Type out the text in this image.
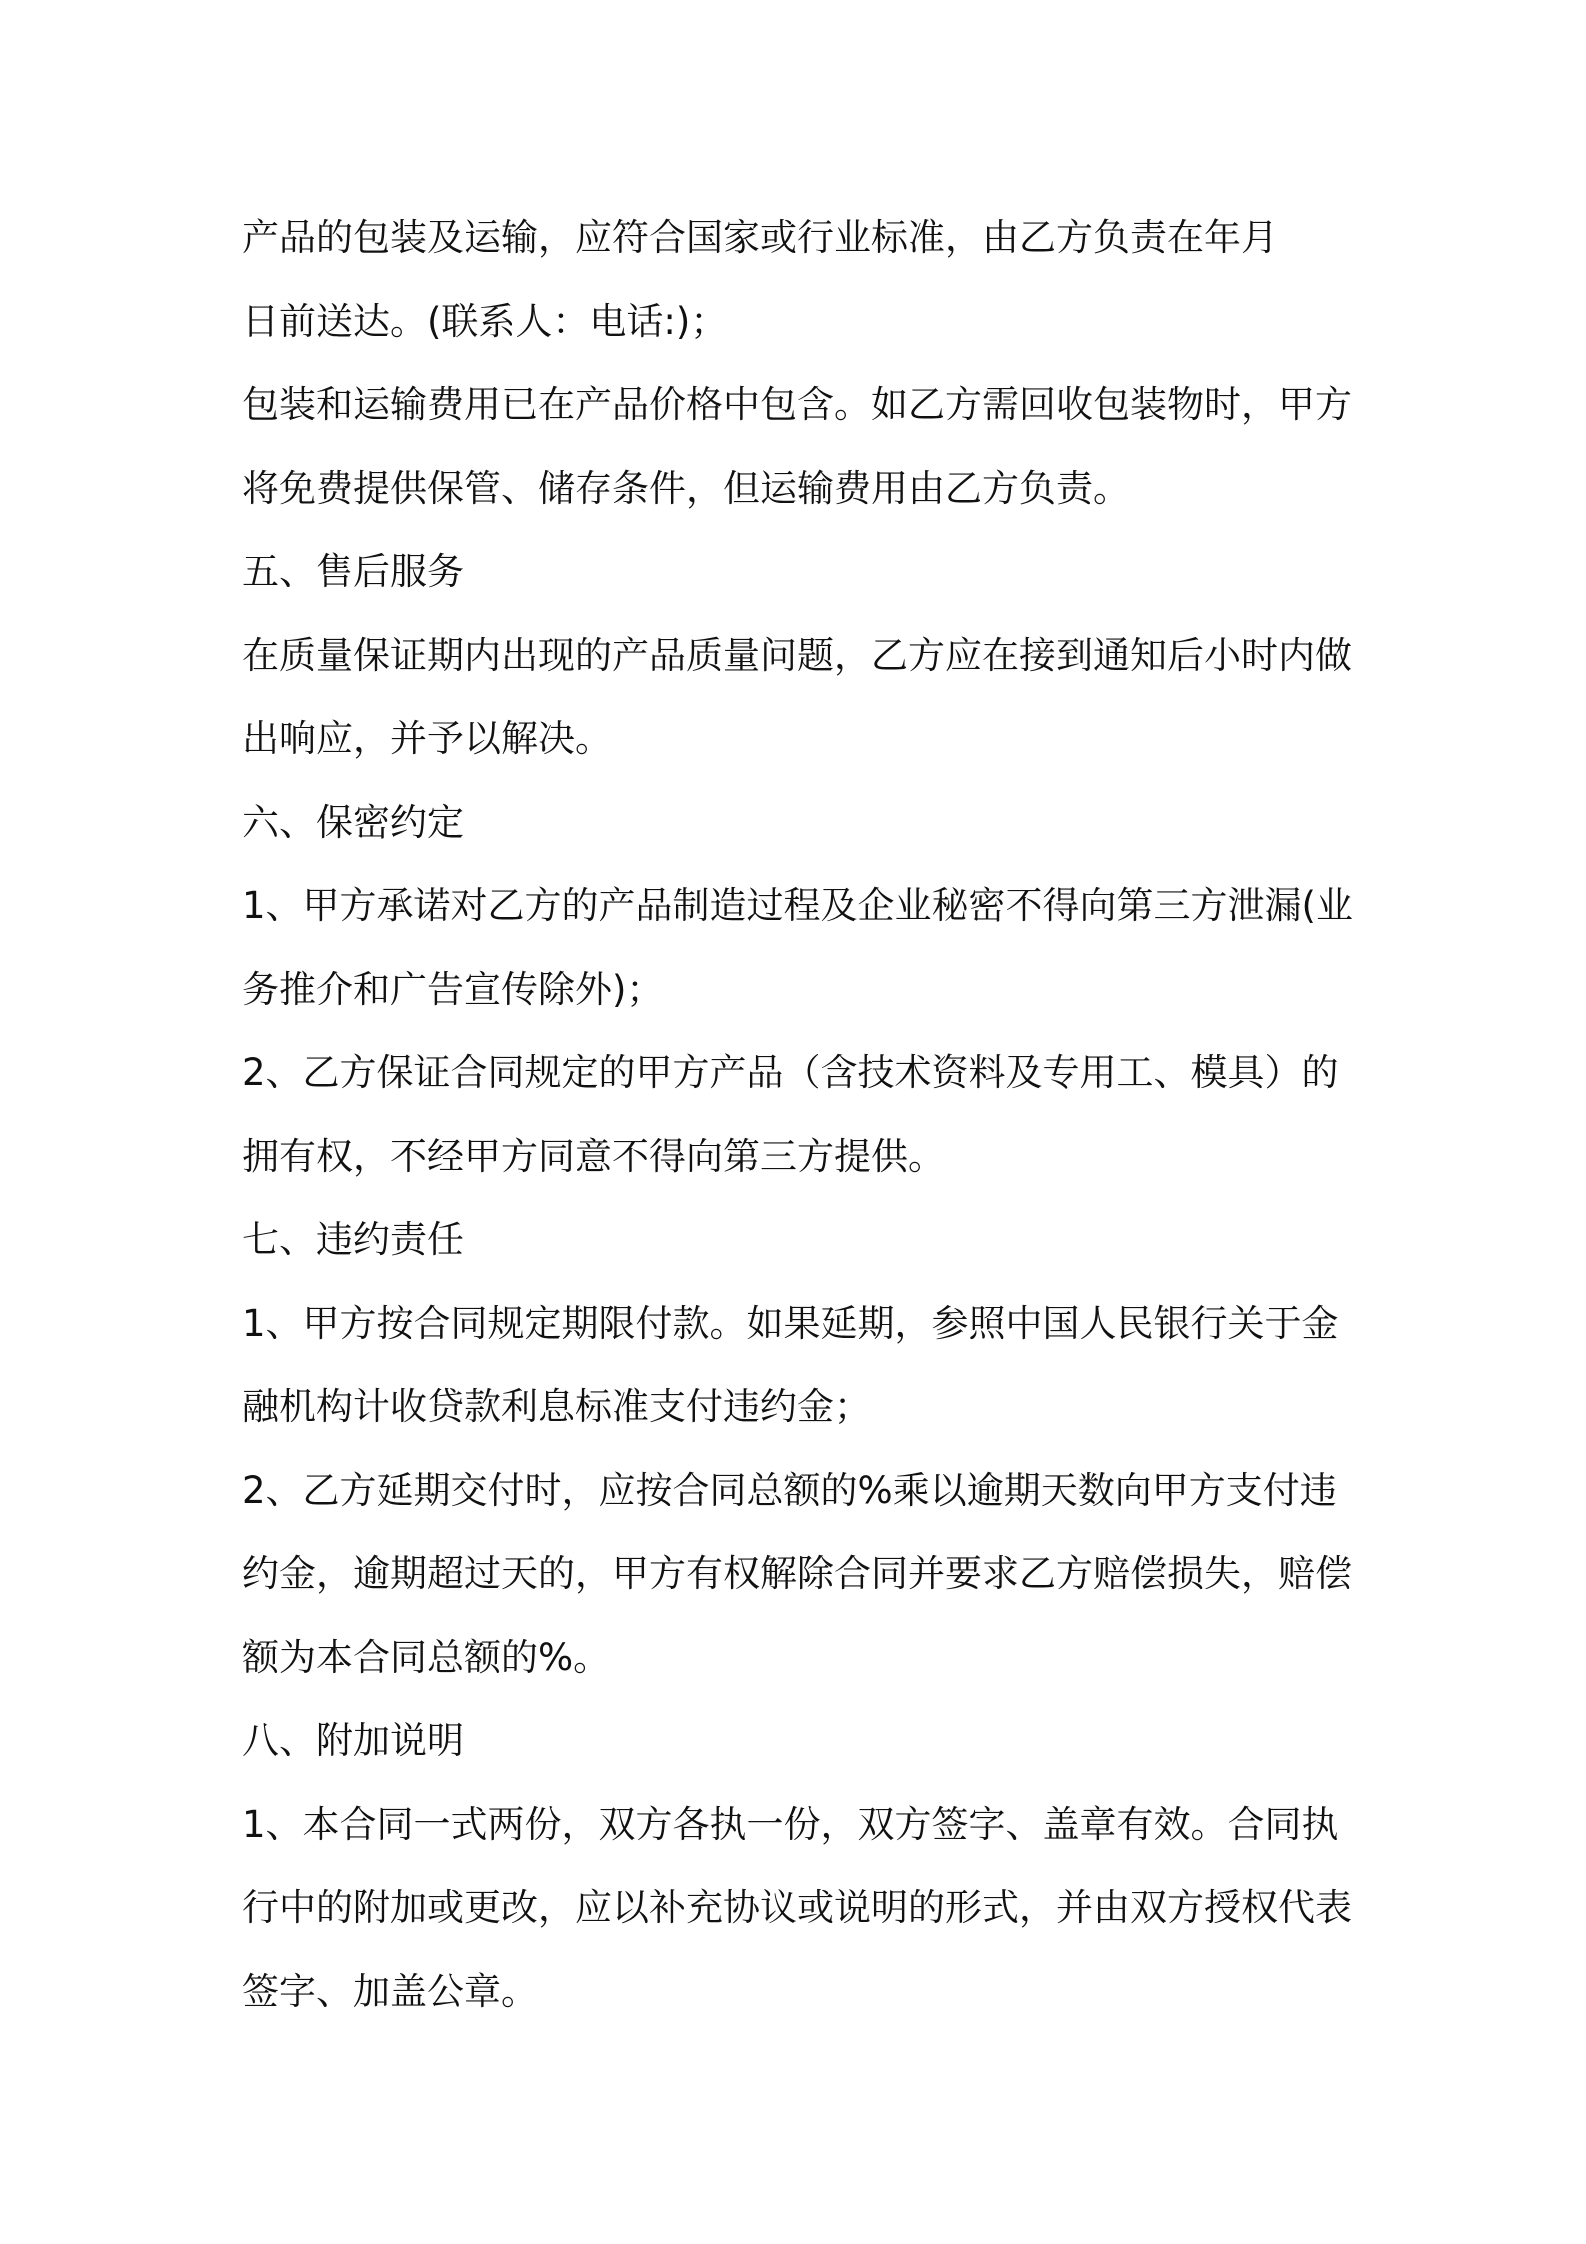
产品的包装及运输，应符合国家或行业标准，由乙方负责在年月
日前送达。(联系人：电话:)；
包装和运输费用已在产品价格中包含。如乙方需回收包装物时，甲方
将免费提供保管、储存条件，但运输费用由乙方负责。
五、售后服务
在质量保证期内出现的产品质量问题，乙方应在接到通知后小时内做
出响应，并予以解决。
六、保密约定
1、甲方承诺对乙方的产品制造过程及企业秘密不得向第三方泄漏(业
务推介和广告宣传除外)；
2、乙方保证合同规定的甲方产品（含技术资料及专用工、模具）的
拥有权，不经甲方同意不得向第三方提供。
七、违约责任
1、甲方按合同规定期限付款。如果延期，参照中国人民银行关于金
融机构计收贷款利息标准支付违约金；
2、乙方延期交付时，应按合同总额的%乘以逾期天数向甲方支付违
约金，逾期超过天的，甲方有权解除合同并要求乙方赔偿损失，赔偿
额为本合同总额的%。
八、附加说明
1、本合同一式两份，双方各执一份，双方签字、盖章有效。合同执
行中的附加或更改，应以补充协议或说明的形式，并由双方授权代表
签字、加盖公章。
